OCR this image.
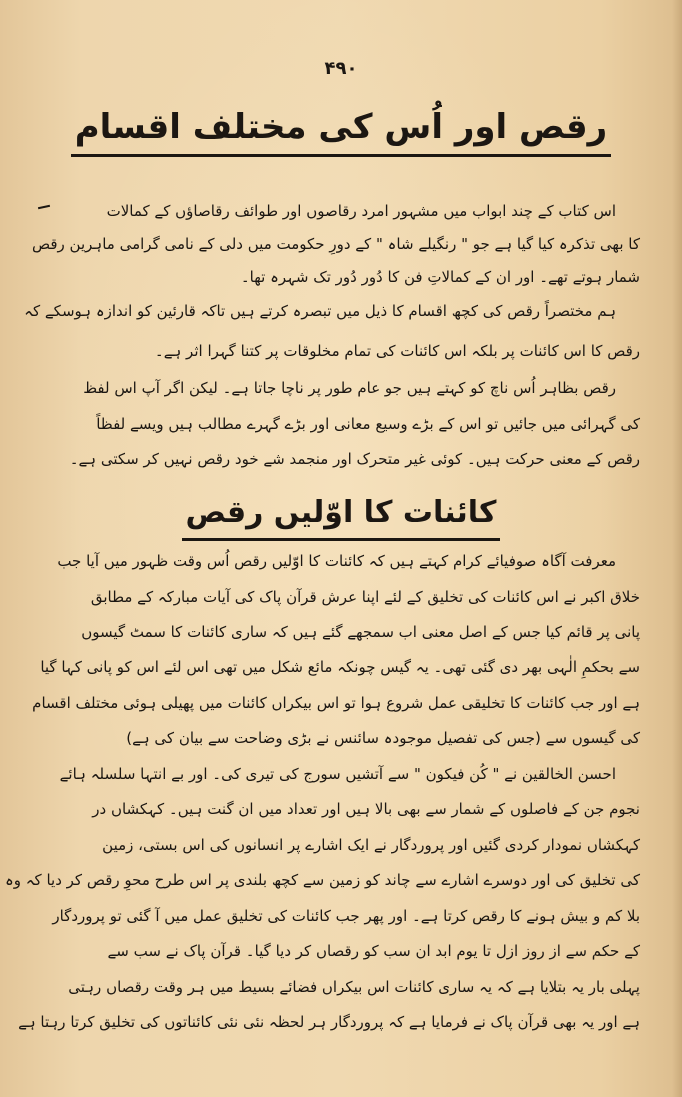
۴۹۰
رقص اور اُس کی مختلف اقسام
اس کتاب کے چند ابواب میں مشہور امرد رقاصوں اور طوائف رقاصاؤں کے کمالات
کا بھی تذکرہ کیا گیا ہے جو " رنگیلے شاہ " کے دورِ حکومت میں دلی کے نامی گرامی ماہرین رقص
شمار ہوتے تھے۔ اور ان کے کمالاتِ فن کا دُور دُور تک شہرہ تھا۔
ہم مختصراً رقص کی کچھ اقسام کا ذیل میں تبصرہ کرتے ہیں تاکہ قارئین کو اندازہ ہوسکے کہ
رقص کا اس کائنات پر بلکہ اس کائنات کی تمام مخلوقات پر کتنا گہرا اثر ہے۔
رقص بظاہر اُس ناچ کو کہتے ہیں جو عام طور پر ناچا جاتا ہے۔ لیکن اگر آپ اس لفظ
کی گہرائی میں جائیں تو اس کے بڑے وسیع معانی اور بڑے گہرے مطالب ہیں ویسے لفظاً
رقص کے معنی حرکت ہیں۔ کوئی غیر متحرک اور منجمد شے خود رقص نہیں کر سکتی ہے۔
کائنات کا اوّلیں رقص
معرفت آگاہ صوفیائے کرام کہتے ہیں کہ کائنات کا اوّلیں رقص اُس وقت ظہور میں آیا جب
خلاق اکبر نے اس کائنات کی تخلیق کے لئے اپنا عرش قرآن پاک کی آیات مبارکہ کے مطابق
پانی پر قائم کیا جس کے اصل معنی اب سمجھے گئے ہیں کہ ساری کائنات کا سمٹ گیسوں
سے بحکمِ الٰہی بھر دی گئی تھی۔ یہ گیس چونکہ مائع شکل میں تھی اس لئے اس کو پانی کہا گیا
ہے اور جب کائنات کا تخلیقی عمل شروع ہوا تو اس بیکراں کائنات میں پھیلی ہوئی مختلف اقسام
کی گیسوں سے (جس کی تفصیل موجودہ سائنس نے بڑی وضاحت سے بیان کی ہے)
احسن الخالقین نے " کُن فیکون " سے آتشیں سورج کی تیری کی۔ اور بے انتہا سلسلہ ہائے
نجوم جن کے فاصلوں کے شمار سے بھی بالا ہیں اور تعداد میں ان گنت ہیں۔ کہکشاں در
کہکشاں نمودار کردی گئیں اور پروردگار نے ایک اشارے پر انسانوں کی اس بستی، زمین
کی تخلیق کی اور دوسرے اشارے سے چاند کو زمین سے کچھ بلندی پر اس طرح محوِ رقص کر دیا کہ وہ
بلا کم و بیش ہونے کا رقص کرتا ہے۔ اور پھر جب کائنات کی تخلیق عمل میں آ گئی تو پروردگار
کے حکم سے از روز ازل تا یوم ابد ان سب کو رقصاں کر دیا گیا۔ قرآن پاک نے سب سے
پہلی بار یہ بتلایا ہے کہ یہ ساری کائنات اس بیکراں فضائے بسیط میں ہر وقت رقصاں رہتی
ہے اور یہ بھی قرآن پاک نے فرمایا ہے کہ پروردگار ہر لحظہ نئی نئی کائناتوں کی تخلیق کرتا رہتا ہے
